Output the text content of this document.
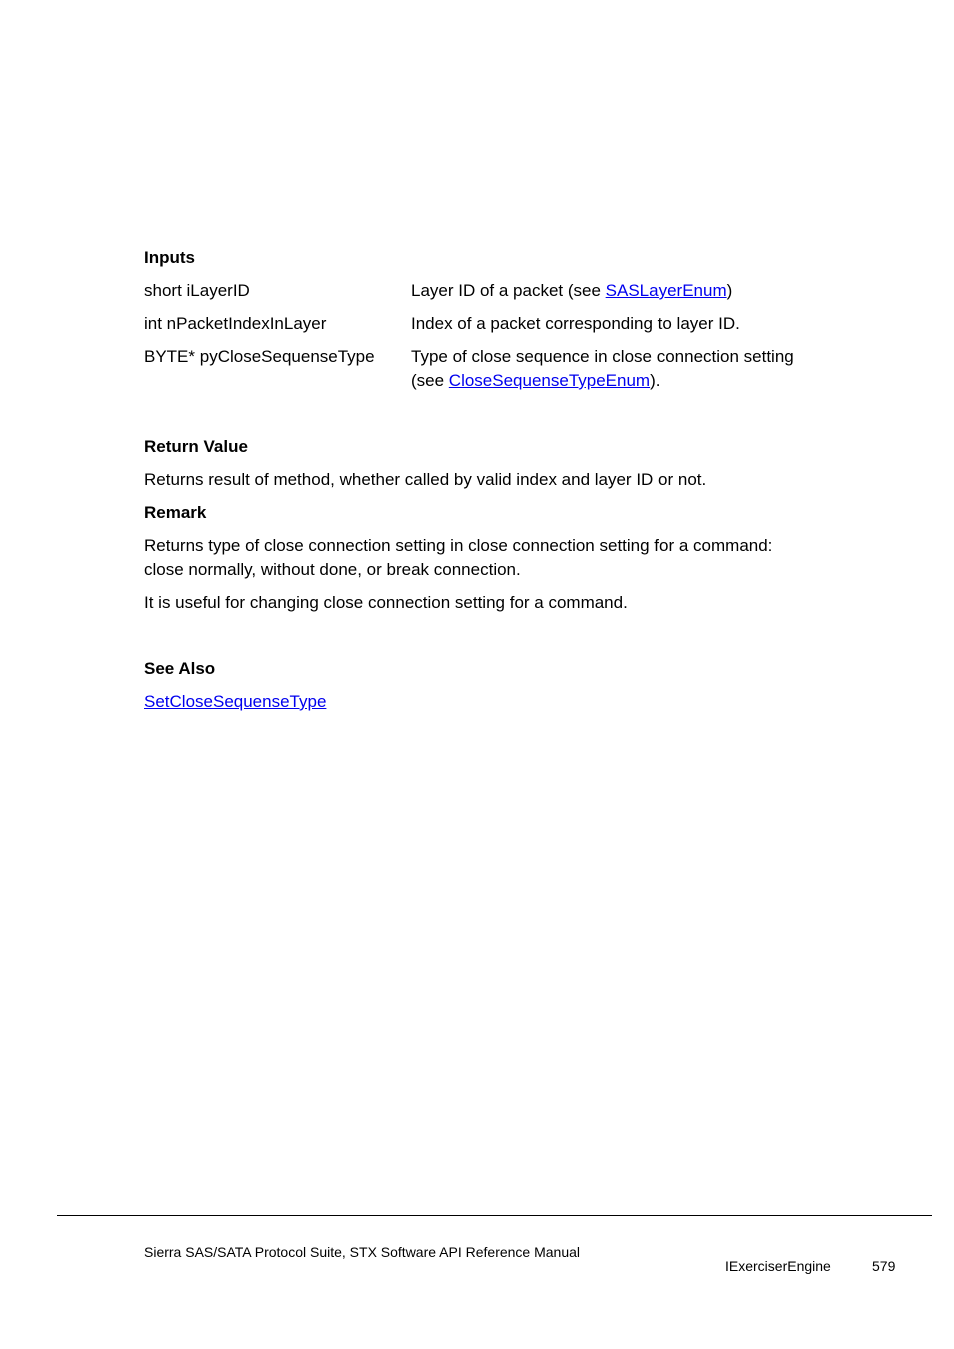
Inputs
short iLayerID	Layer ID of a packet (see SASLayerEnum)
int nPacketIndexInLayer	Index of a packet corresponding to layer ID.
BYTE* pyCloseSequenseType Type of close sequence in close connection setting
(see CloseSequenseTypeEnum).
Return Value
Returns result of method, whether called by valid index and layer ID or not.
Remark
Returns type of close connection setting in close connection setting for a command:
close normally, without done, or break connection.
It is useful for changing close connection setting for a command.
See Also
SetCloseSequenseType
Sierra SAS/SATA Protocol Suite, STX Software API Reference Manual
IExerciserEngine	579
